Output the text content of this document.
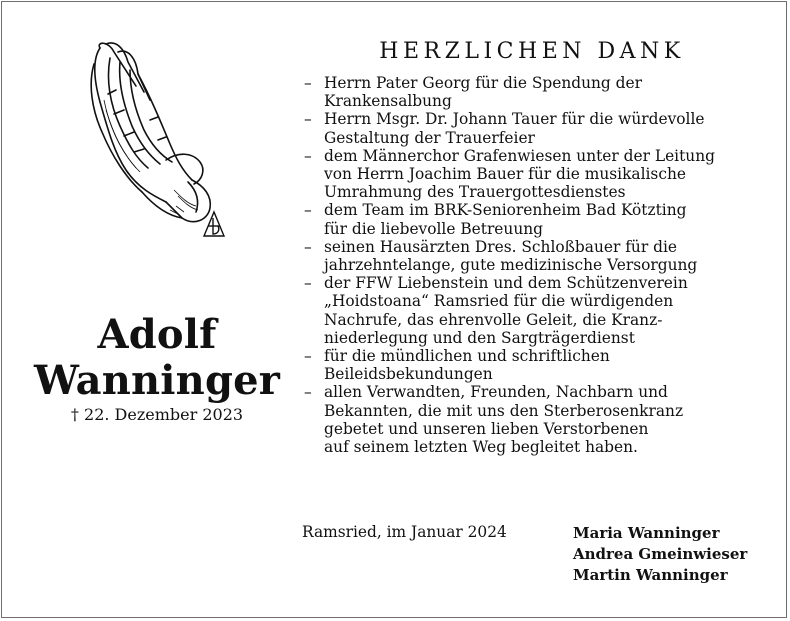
Adolf
Wanninger
† 22. Dezember 2023
HERZLICHEN DANK
– Herrn Pater Georg für die Spendung der
Krankensalbung
– Herrn Msgr. Dr. Johann Tauer für die würdevolle
Gestaltung der Trauerfeier
– dem Männerchor Grafenwiesen unter der Leitung
von Herrn Joachim Bauer für die musikalische
Umrahmung des Trauergottesdienstes
– dem Team im BRK-Seniorenheim Bad Kötzting
für die liebevolle Betreuung
– seinen Hausärzten Dres. Schloßbauer für die
jahrzehntelange, gute medizinische Versorgung
– der FFW Liebenstein und dem Schützenverein
„Hoidstoana“ Ramsried für die würdigenden
Nachrufe, das ehrenvolle Geleit, die Kranz-
niederlegung und den Sargträgerdienst
– für die mündlichen und schriftlichen
Beileidsbekundungen
– allen Verwandten, Freunden, Nachbarn und
Bekannten, die mit uns den Sterberosenkranz
gebetet und unseren lieben Verstorbenen
auf seinem letzten Weg begleitet haben.
Ramsried, im Januar 2024	Maria Wanninger
Andrea Gmeinwieser
Martin Wanninger
